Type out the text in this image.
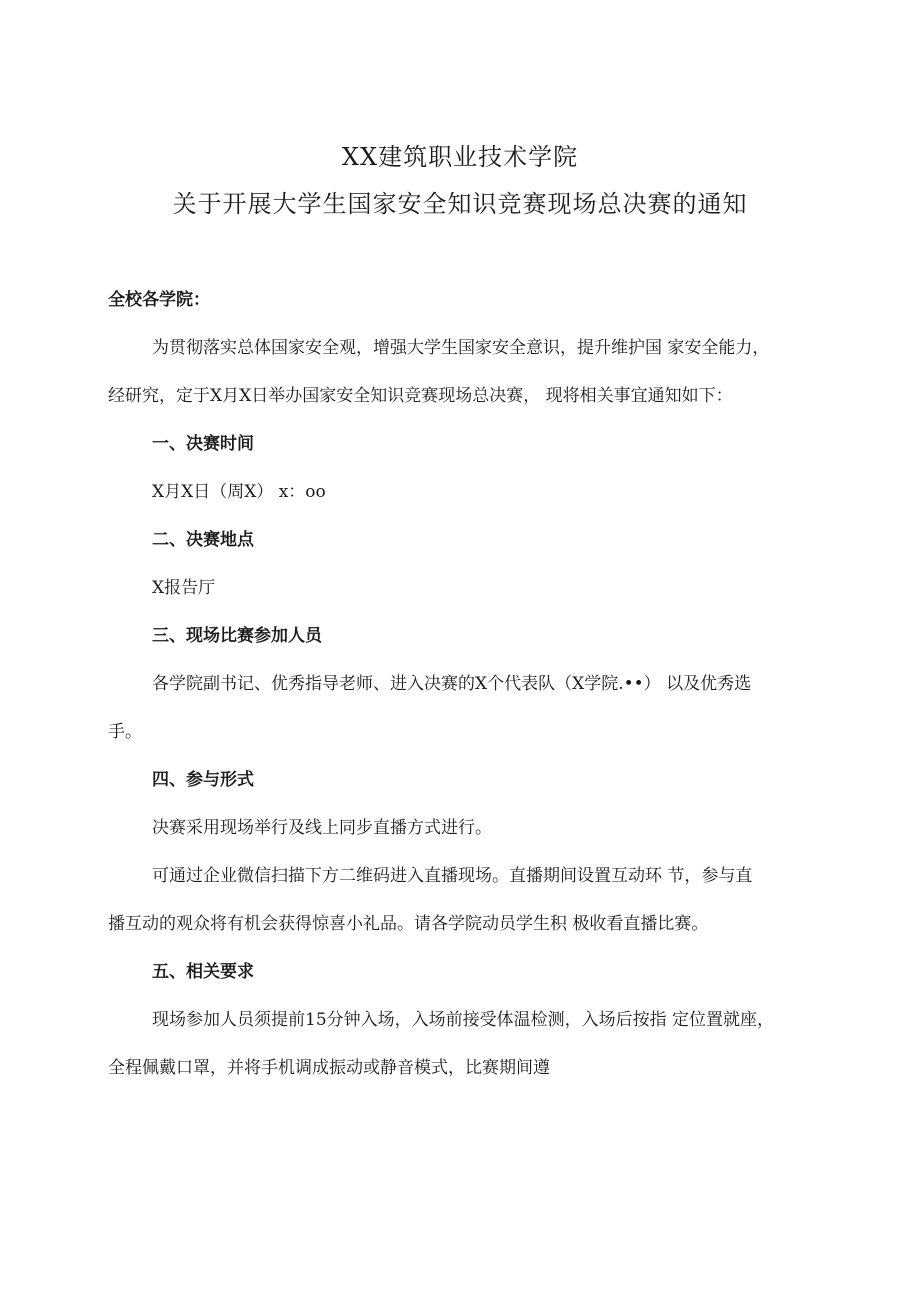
XX建筑职业技术学院
关于开展大学生国家安全知识竞赛现场总决赛的通知
全校各学院：
为贯彻落实总体国家安全观，增强大学生国家安全意识，提升维护国 家安全能力，
经研究，定于X月X日举办国家安全知识竞赛现场总决赛， 现将相关事宜通知如下：
一、决赛时间
X月X日（周X） x：oo
二、决赛地点
X报告厅
三、现场比赛参加人员
各学院副书记、优秀指导老师、进入决赛的X个代表队（X学院.••） 以及优秀选
手。
四、参与形式
决赛采用现场举行及线上同步直播方式进行。
可通过企业微信扫描下方二维码进入直播现场。直播期间设置互动环 节，参与直
播互动的观众将有机会获得惊喜小礼品。请各学院动员学生积 极收看直播比赛。
五、相关要求
现场参加人员须提前15分钟入场，入场前接受体温检测，入场后按指 定位置就座，
全程佩戴口罩，并将手机调成振动或静音模式，比赛期间遵
